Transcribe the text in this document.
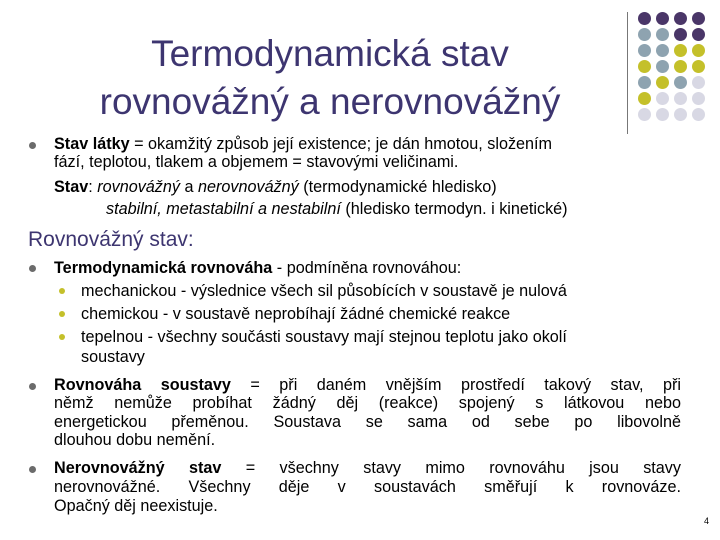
Termodynamická stav
rovnovážný a nerovnovážný
Stav látky = okamžitý způsob její existence; je dán hmotou, složením
fází, teplotou, tlakem a objemem = stavovými veličinami.
Stav: rovnovážný a nerovnovážný (termodynamické hledisko)
stabilní, metastabilní a nestabilní (hledisko termodyn. i kinetické)
Rovnovážný stav:
Termodynamická rovnováha - podmíněna rovnováhou:
mechanickou - výslednice všech sil působících v soustavě je nulová
chemickou - v soustavě neprobíhají žádné chemické reakce
tepelnou - všechny součásti soustavy mají stejnou teplotu jako okolí
soustavy
Rovnováha soustavy = při daném vnějším prostředí takový stav, při
němž nemůže probíhat žádný děj (reakce) spojený s látkovou nebo
energetickou přeměnou. Soustava se sama od sebe po libovolně
dlouhou dobu nemění.
Nerovnovážný stav = všechny stavy mimo rovnováhu jsou stavy
nerovnovážné. Všechny děje v soustavách směřují k rovnováze.
Opačný děj neexistuje.
4
